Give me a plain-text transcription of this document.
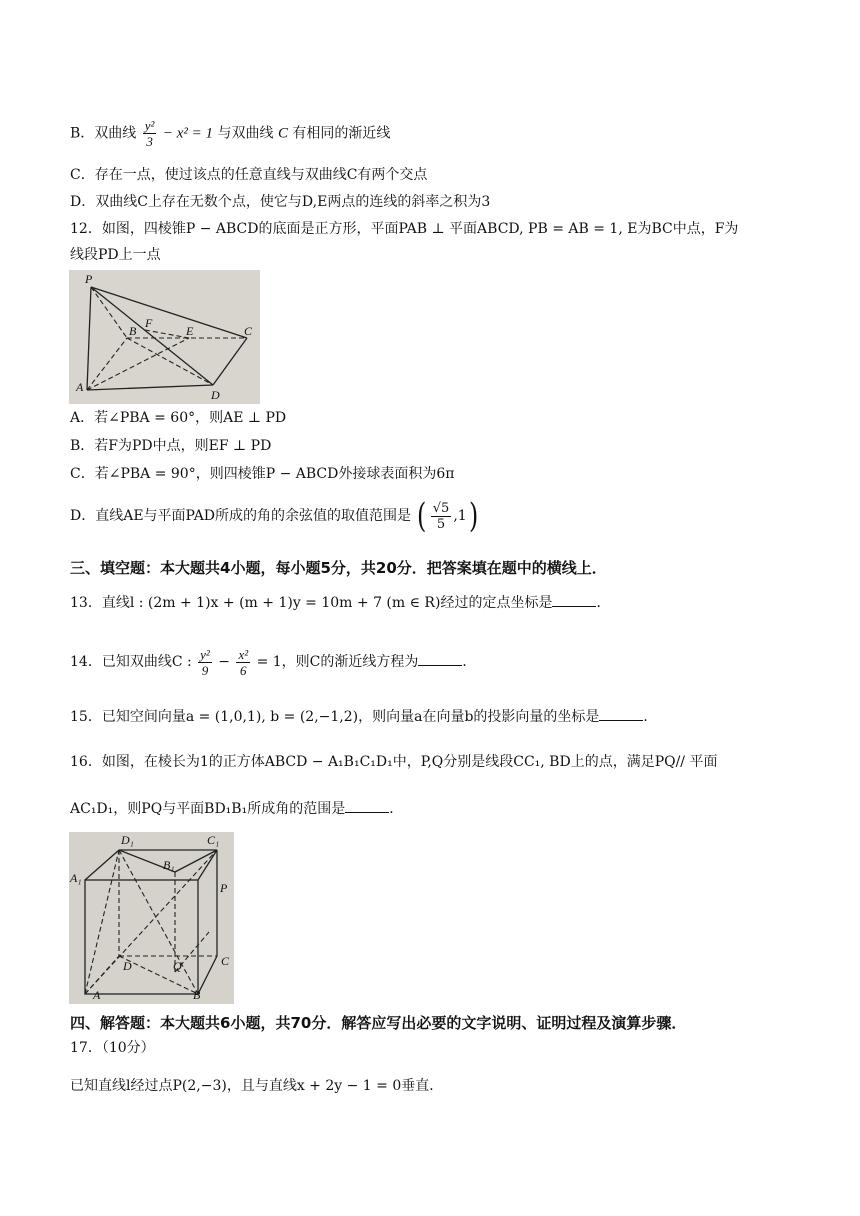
B．双曲线 $\frac{\text{y²}}{3} - x^2 = 1$ 与双曲线 C 有相同的渐近线
C．存在一点，使过该点的任意直线与双曲线C有两个交点
D．双曲线C上存在无数个点，使它与D,E两点的连线的斜率之积为3
12．如图，四棱锥P − ABCD的底面是正方形，平面PAB ⊥ 平面ABCD, PB = AB = 1, E为BC中点，F为
线段PD上一点
P
F
B	E	C
A
D
A．若∠PBA = 60°，则AE ⊥ PD
B．若F为PD中点，则EF ⊥ PD
C．若∠PBA = 90°，则四棱锥P − ABCD外接球表面积为6π
D．直线AE与平面PAD所成的角的余弦值的取值范围是 ( $\frac{√5}{5} ,1$)
三、填空题：本大题共4小题，每小题5分，共20分．把答案填在题中的横线上．
13．直线l : (2m + 1)x + (m + 1)y = 10m + 7 (m ∈ R)经过的定点坐标是	．
14．已知双曲线C : $\frac{\text{y²}}{9} - \frac{\text{x²}}{6} = 1$，则C的渐近线方程为	．
15．已知空间向量a = (1,0,1), b = (2,−1,2)，则向量a在向量b的投影向量的坐标是	．
16．如图，在棱长为1的正方体ABCD − A₁B₁C₁D₁中，P,Q分别是线段CC₁, BD上的点，满足PQ// 平面
AC₁D₁，则PQ与平面BD₁B₁所成角的范围是	．
D₁	C₁
A₁
B₁
P
D	Q	C
A	B
四、解答题：本大题共6小题，共70分．解答应写出必要的文字说明、证明过程及演算步骤．
17．（10分）
已知直线l经过点P(2,−3)，且与直线x + 2y − 1 = 0垂直．
